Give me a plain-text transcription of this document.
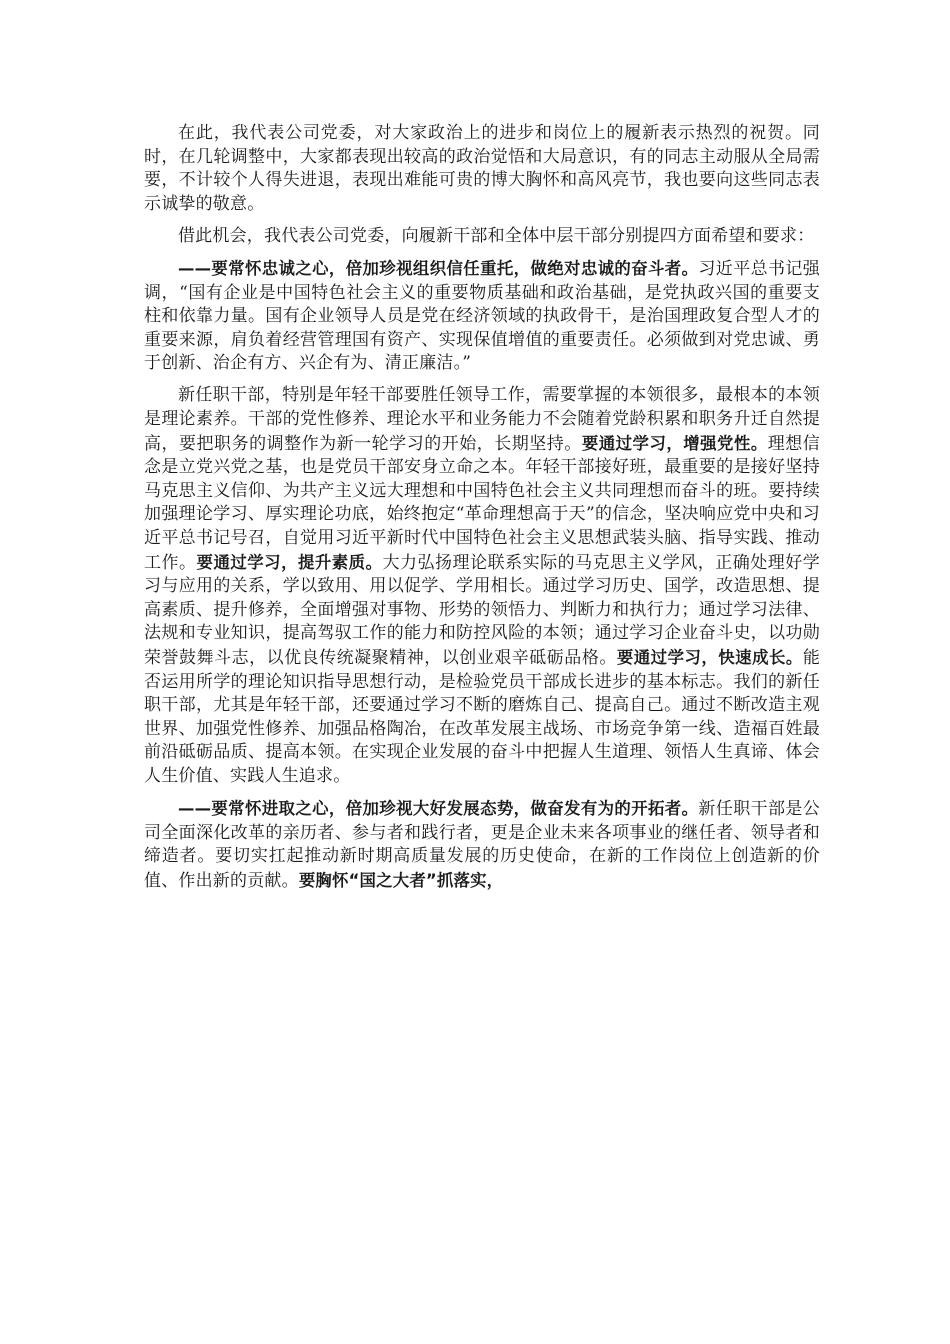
在此，我代表公司党委，对大家政治上的进步和岗位上的履新表示热烈的祝贺。同时，在几轮调整中，大家都表现出较高的政治觉悟和大局意识，有的同志主动服从全局需要，不计较个人得失进退，表现出难能可贵的博大胸怀和高风亮节，我也要向这些同志表示诚挚的敬意。

借此机会，我代表公司党委，向履新干部和全体中层干部分别提四方面希望和要求：

——要常怀忠诚之心，倍加珍视组织信任重托，做绝对忠诚的奋斗者。习近平总书记强调，“国有企业是中国特色社会主义的重要物质基础和政治基础，是党执政兴国的重要支柱和依靠力量。国有企业领导人员是党在经济领域的执政骨干，是治国理政复合型人才的重要来源，肩负着经营管理国有资产、实现保值增值的重要责任。必须做到对党忠诚、勇于创新、治企有方、兴企有为、清正廉洁。”

新任职干部，特别是年轻干部要胜任领导工作，需要掌握的本领很多，最根本的本领是理论素养。干部的党性修养、理论水平和业务能力不会随着党龄积累和职务升迁自然提高，要把职务的调整作为新一轮学习的开始，长期坚持。要通过学习，增强党性。理想信念是立党兴党之基，也是党员干部安身立命之本。年轻干部接好班，最重要的是接好坚持马克思主义信仰、为共产主义远大理想和中国特色社会主义共同理想而奋斗的班。要持续加强理论学习、厚实理论功底，始终抱定“革命理想高于天”的信念，坚决响应党中央和习近平总书记号召，自觉用习近平新时代中国特色社会主义思想武装头脑、指导实践、推动工作。要通过学习，提升素质。大力弘扬理论联系实际的马克思主义学风，正确处理好学习与应用的关系，学以致用、用以促学、学用相长。通过学习历史、国学，改造思想、提高素质、提升修养，全面增强对事物、形势的领悟力、判断力和执行力；通过学习法律、法规和专业知识，提高驾驭工作的能力和防控风险的本领；通过学习企业奋斗史，以功勋荣誉鼓舞斗志，以优良传统凝聚精神，以创业艰辛砥砺品格。要通过学习，快速成长。能否运用所学的理论知识指导思想行动，是检验党员干部成长进步的基本标志。我们的新任职干部，尤其是年轻干部，还要通过学习不断的磨炼自己、提高自己。通过不断改造主观世界、加强党性修养、加强品格陶冶，在改革发展主战场、市场竞争第一线、造福百姓最前沿砥砺品质、提高本领。在实现企业发展的奋斗中把握人生道理、领悟人生真谛、体会人生价值、实践人生追求。

——要常怀进取之心，倍加珍视大好发展态势，做奋发有为的开拓者。新任职干部是公司全面深化改革的亲历者、参与者和践行者，更是企业未来各项事业的继任者、领导者和缔造者。要切实扛起推动新时期高质量发展的历史使命，在新的工作岗位上创造新的价值、作出新的贡献。要胸怀“国之大者”抓落实，
